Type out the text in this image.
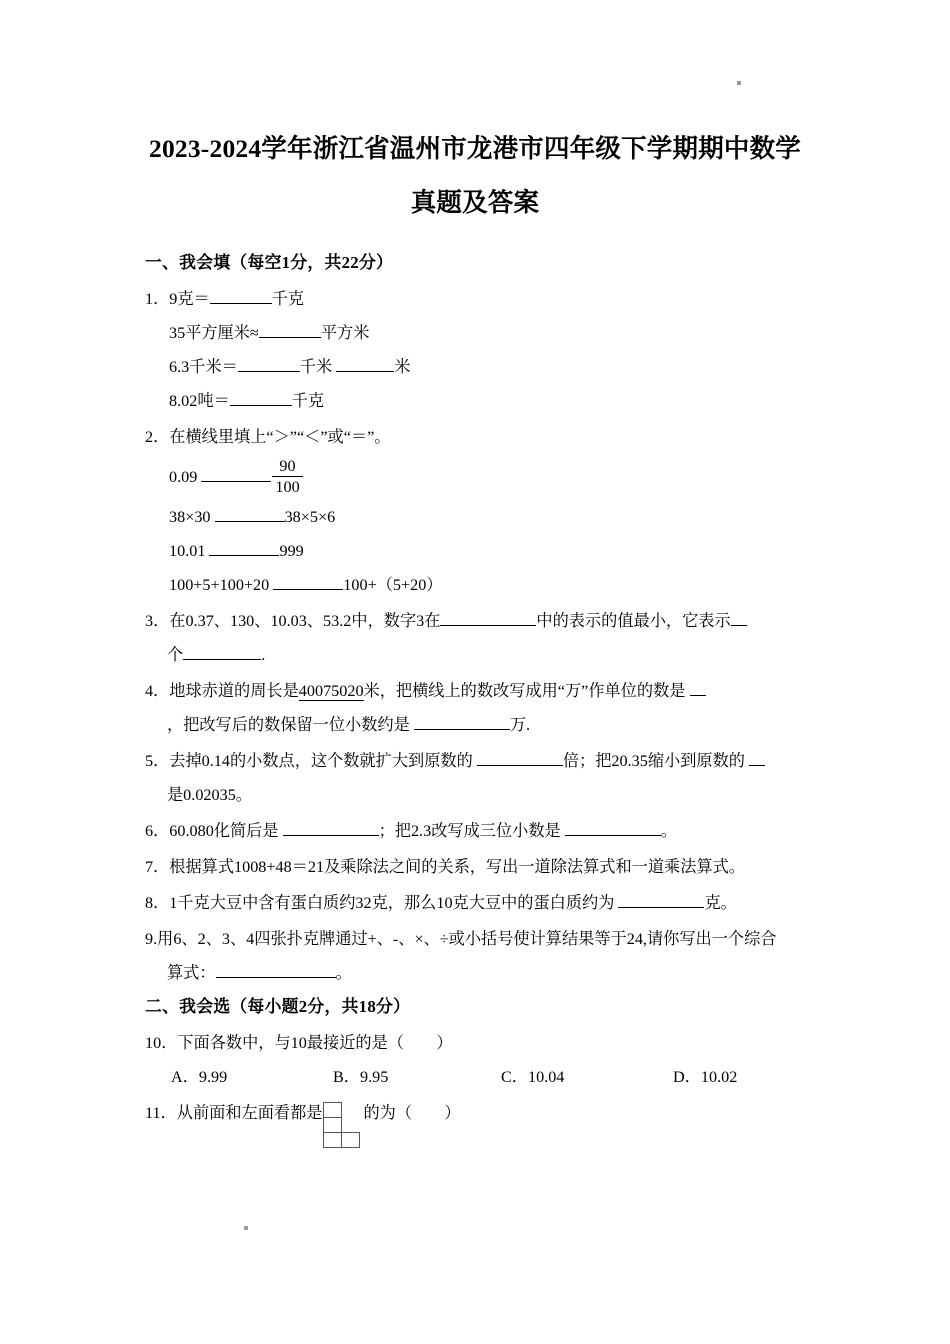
2023-2024学年浙江省温州市龙港市四年级下学期期中数学
真题及答案
一、我会填（每空1分，共22分）
1．9克＝	千克
35平方厘米≈	平方米
6.3千米＝	千米	米
8.02吨＝	千克
2．在横线里填上“＞”“＜”或“＝”。
0.09	$\frac{90}{100}$
38×30	38×5×6
10.01	999
100+5+100+20	100+（5+20）
3．在0.37、130、10.03、53.2中，数字3在	中的表示的值最小，它表示
个	.
4．地球赤道的周长是40075020米，把横线上的数改写成用“万”作单位的数是
，把改写后的数保留一位小数约是	万.
5．去掉0.14的小数点，这个数就扩大到原数的	倍；把20.35缩小到原数的
是0.02035。
6．60.080化简后是	；把2.3改写成三位小数是	。
7．根据算式1008+48＝21及乘除法之间的关系，写出一道除法算式和一道乘法算式。
8．1千克大豆中含有蛋白质约32克，那么10克大豆中的蛋白质约为	克。
9.用6、2、3、4四张扑克牌通过+、-、×、÷或小括号使计算结果等于24,请你写出一个综合
算式：	。
二、我会选（每小题2分，共18分）
10．下面各数中，与10最接近的是（　　）
A．9.99	B．9.95	C．10.04	D．10.02
11．从前面和左面看都是	的为（　　）
